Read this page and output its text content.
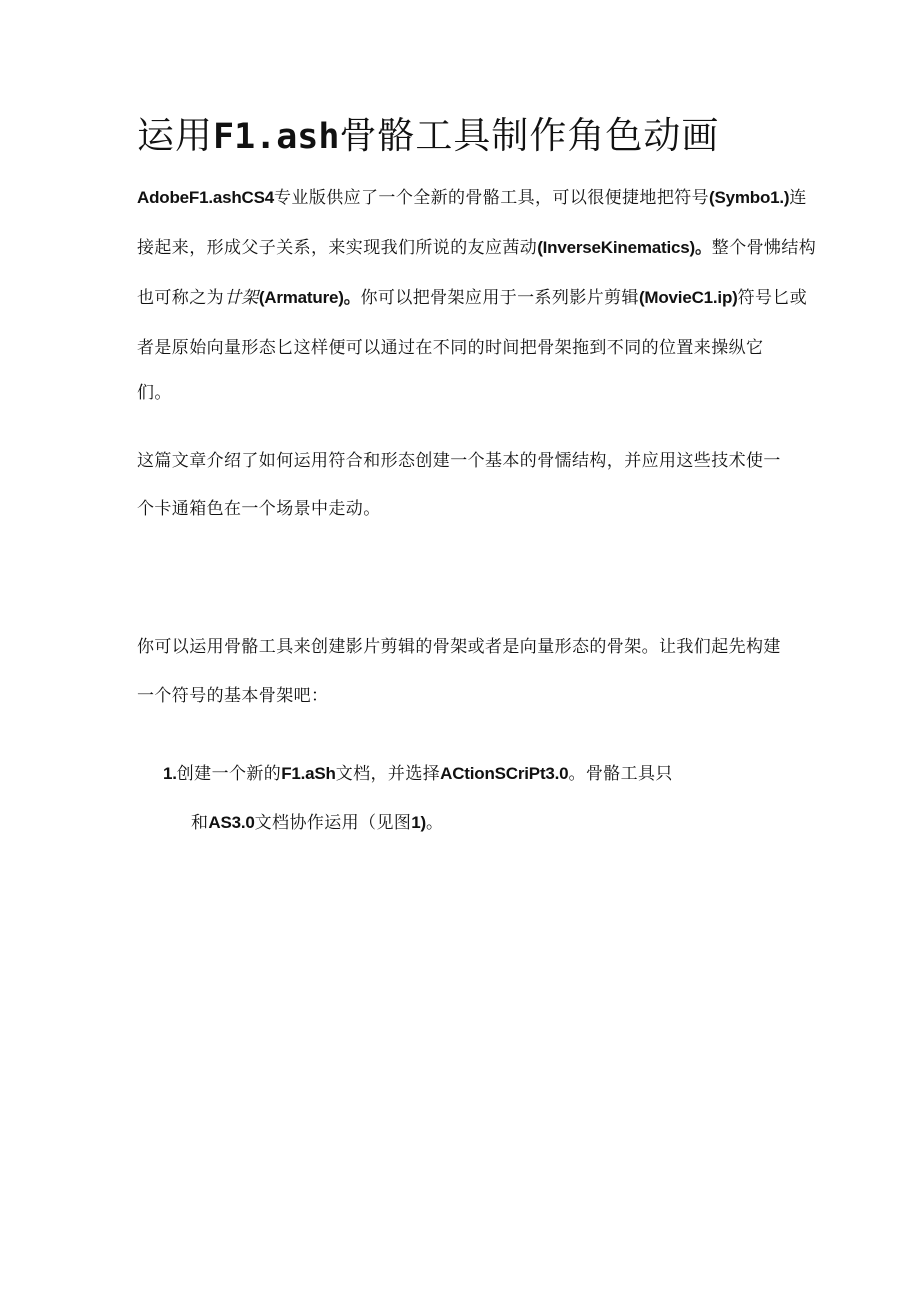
运用F1.ash骨骼工具制作角色动画

AdobeF1.ashCS4专业版供应了一个全新的骨骼工具，可以很便捷地把符号(Symbo1.)连

接起来，形成父子关系，来实现我们所说的友应茜动(InverseKinematics)。整个骨怫结构

也可称之为廿架(Armature)。你可以把骨架应用于一系列影片剪辑(MovieC1.ip)符号匕或

者是原始向量形态匕这样便可以通过在不同的时间把骨架拖到不同的位置来操纵它

们。

这篇文章介绍了如何运用符合和形态创建一个基本的骨懦结构，并应用这些技术使一

个卡通箱色在一个场景中走动。

你可以运用骨骼工具来创建影片剪辑的骨架或者是向量形态的骨架。让我们起先构建

一个符号的基本骨架吧：

1.创建一个新的F1.aSh文档，并选择ACtionSCriPt3.0。骨骼工具只

和AS3.0文档协作运用（见图1)。
